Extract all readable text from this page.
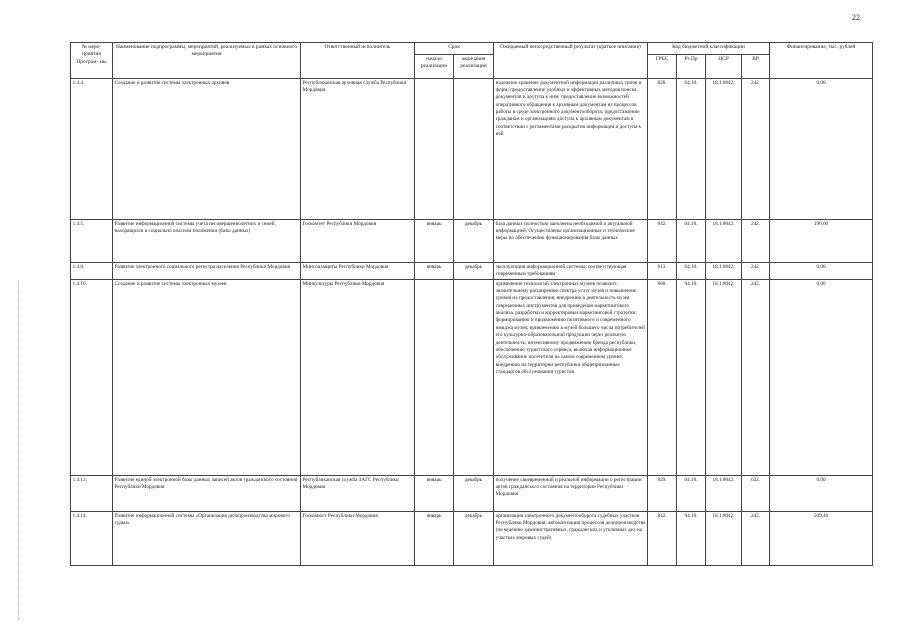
22
№ меро- приятия Програм- мы	Наименование подпрограммы, мероприятий, реализуемых в рамках основного мероприятия	Ответственный исполнитель	Срок		Ожидаемый непосредственный результат (краткое описание)	Код бюджетной классификации				Финансирование, тыс. рублей
			начало реализации	окончания реализации		ГРБС	Рз Пр	ЦСР	ВР	
1.4.4.	Создание и развитие системы электронных архивов	Республиканская архивная служба Республики Мордовия			надежное хранение документной информации различных типов и форм; предоставление удобных и эффективных методов поиска документов и доступа к ним; предоставление возможностей оперативного обращения к архивным документам из процессов работы в среде электронного документооборота; предоставление гражданам и организациям доступа к архивным документам в соответствии с регламентами раскрытия информации и доступа к ней	828.	04.10.	18.1.8042.	242.	0,00
1.4.5.	Развитие информационной системы учета несовершеннолетних и семей, находящихся в социально опасном положении (базы данных)	Госкомтет Республики Мордовия	январь	декабрь	база данных полностью заполнена необходимой и актуальной информацией. Осуществлены организационные и технические меры по обеспечению функционирования базы данных	842.	04.10.	18.1.8042.	242.	196,00
1.4.8.	Развитие электронного социального регистра населения Республики Мордовия	Минсоцзащиты Республики Мордовия	январь	декабрь	эксплуатация информационной системы, соответствующая современным требованиям	813.	04.10.	18.1.8042.	242.	0,00
1.4.10.	Создание и развитие системы электронных музеев	Минкультуры Республики Мордовия			применение технологий электронных музеев позволит: значительному расширению спектра услуг музея и повышению уровня их предоставления; внедрению в деятельность музея современных инструментов для проведения маркетингового анализа, разработки и корректировки маркетинговой стратегии; формированию и продвижению позитивного и современного имиджа музея; привлечению в музей большего числа потребителей его культурно-образовательной продукции через реальную деятельность; интенсивному продвижению бренда республики, обеспечению туристского сервиса, включая информационное обслуживание посетителя на самом современном уровне; внедрению на территории республики общепризнанных стандартов обслуживания туристов	808.	04.10.	18.1.8042.	242.	0,00
1.4.13.	Развитие единой электронной базы данных записей актов гражданского состояния Республики Мордовия	Республиканская служба ЗАГС Республики Мордовия	январь	декабрь	получение своевременной и реальной информации о регистрации актов гражданского состояния на территории Республики Мордовия	829.	04.10.	18.1.8042.	622.	0,00
1.4.14.	Развитие информационной системы «Организация делопроизводства мирового судьи»	Госкомюст Республики Мордовия	январь	декабрь	организация электронного документооборота судебных участков Республики Мордовия; автоматизация процессов делопроизводства (по ведению административных, гражданских и уголовных дел на участках мировых судей)	842.	04.10.	18.1.8042.	242.	509,40
